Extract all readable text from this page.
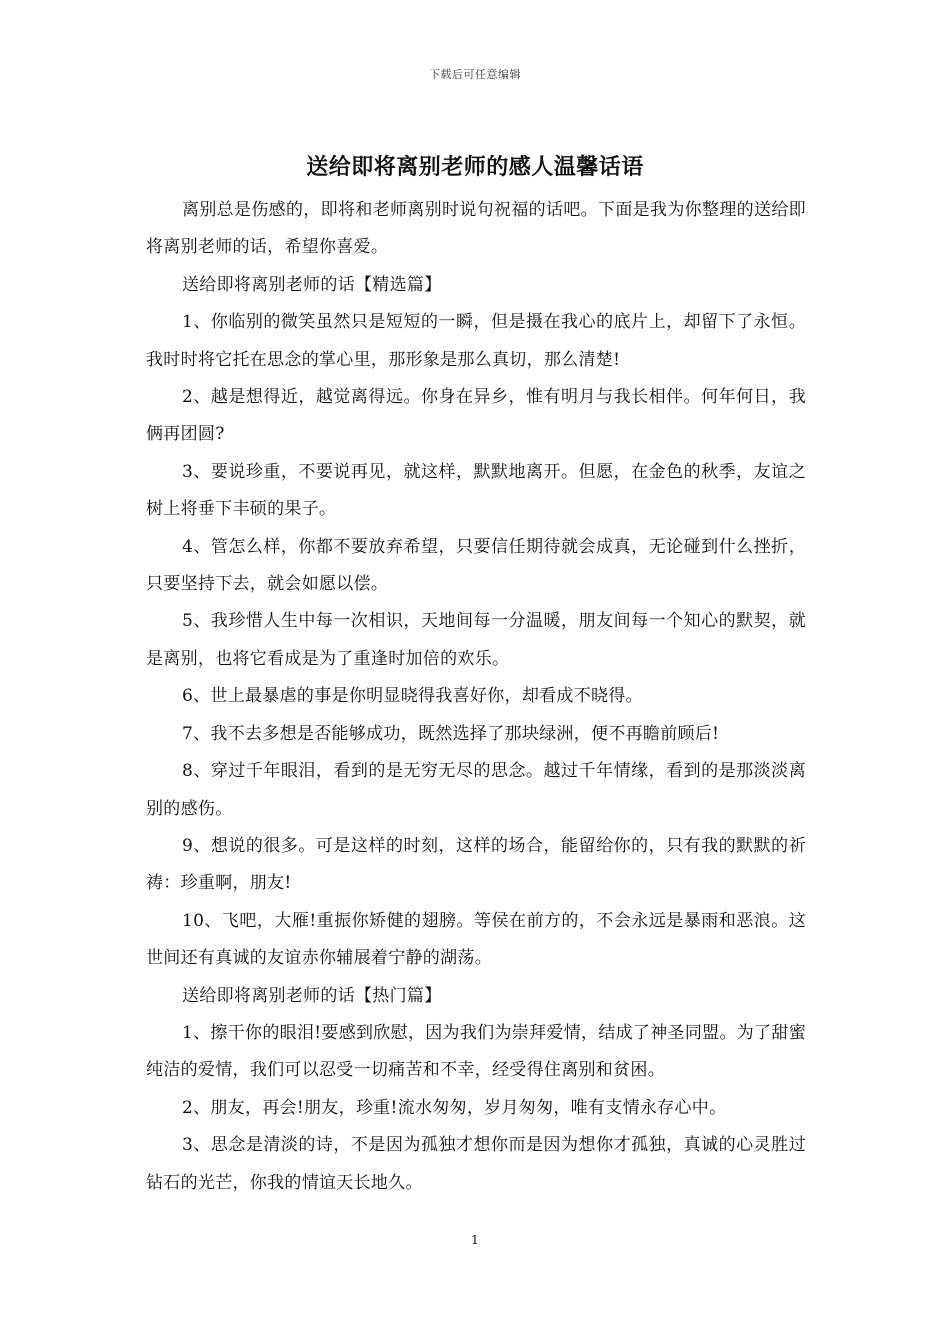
下载后可任意编辑
送给即将离别老师的感人温馨话语

离别总是伤感的，即将和老师离别时说句祝福的话吧。下面是我为你整理的送给即将离别老师的话，希望你喜爱。

送给即将离别老师的话【精选篇】

1、你临别的微笑虽然只是短短的一瞬，但是摄在我心的底片上，却留下了永恒。我时时将它托在思念的掌心里，那形象是那么真切，那么清楚!

2、越是想得近，越觉离得远。你身在异乡，惟有明月与我长相伴。何年何日，我俩再团圆?

3、要说珍重，不要说再见，就这样，默默地离开。但愿，在金色的秋季，友谊之树上将垂下丰硕的果子。

4、管怎么样，你都不要放弃希望，只要信任期待就会成真，无论碰到什么挫折，只要坚持下去，就会如愿以偿。

5、我珍惜人生中每一次相识，天地间每一分温暖，朋友间每一个知心的默契，就是离别，也将它看成是为了重逢时加倍的欢乐。

6、世上最暴虐的事是你明显晓得我喜好你，却看成不晓得。

7、我不去多想是否能够成功，既然选择了那块绿洲，便不再瞻前顾后!

8、穿过千年眼泪，看到的是无穷无尽的思念。越过千年情缘，看到的是那淡淡离别的感伤。

9、想说的很多。可是这样的时刻，这样的场合，能留给你的，只有我的默默的祈祷：珍重啊，朋友!

10、飞吧，大雁!重振你矫健的翅膀。等侯在前方的，不会永远是暴雨和恶浪。这世间还有真诚的友谊赤你辅展着宁静的湖荡。

送给即将离别老师的话【热门篇】

1、擦干你的眼泪!要感到欣慰，因为我们为崇拜爱情，结成了神圣同盟。为了甜蜜纯洁的爱情，我们可以忍受一切痛苦和不幸，经受得住离别和贫困。

2、朋友，再会!朋友，珍重!流水匆匆，岁月匆匆，唯有支情永存心中。

3、思念是清淡的诗，不是因为孤独才想你而是因为想你才孤独，真诚的心灵胜过钻石的光芒，你我的情谊天长地久。

1
